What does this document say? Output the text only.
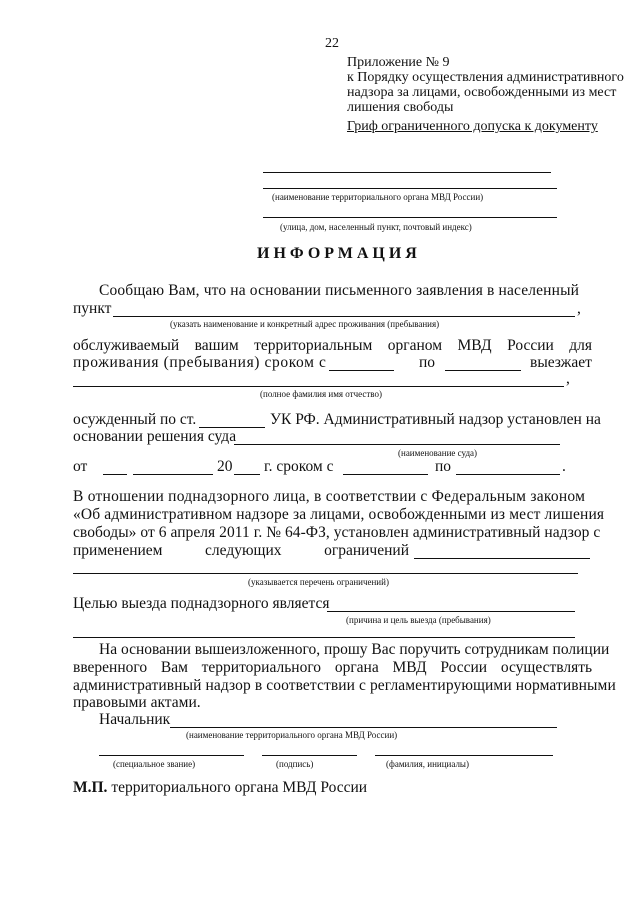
22
Приложение № 9
к Порядку осуществления административного
надзора за лицами, освобожденными из мест
лишения свободы
Гриф ограниченного допуска к документу
(наименование территориального органа МВД России)
(улица, дом, населенный пункт, почтовый индекс)
ИНФОРМАЦИЯ
Сообщаю Вам, что на основании письменного заявления в населенный
пункт	,
(указать наименование и конкретный адрес проживания (пребывания)
обслуживаемый вашим территориальным органом МВД России для
проживания (пребывания) сроком с	по	выезжает
,
(полное фамилия имя отчество)
осужденный по ст.	УК РФ. Административный надзор установлен на
основании решения суда
(наименование суда)
от	20 г. сроком с	по	.
В отношении поднадзорного лица, в соответствии с Федеральным законом
«Об административном надзоре за лицами, освобожденными из мест лишения
свободы» от 6 апреля 2011 г. № 64-ФЗ, установлен административный надзор с
применением	следующих	ограничений
(указывается перечень ограничений)
Целью выезда поднадзорного является
(причина и цель выезда (пребывания)
На основании вышеизложенного, прошу Вас поручить сотрудникам полиции
вверенного Вам территориального органа МВД России осуществлять
административный надзор в соответствии с регламентирующими нормативными
правовыми актами.
Начальник
(наименование территориального органа МВД России)
(специальное звание)	(подпись)	(фамилия, инициалы)
М.П. территориального органа МВД России
